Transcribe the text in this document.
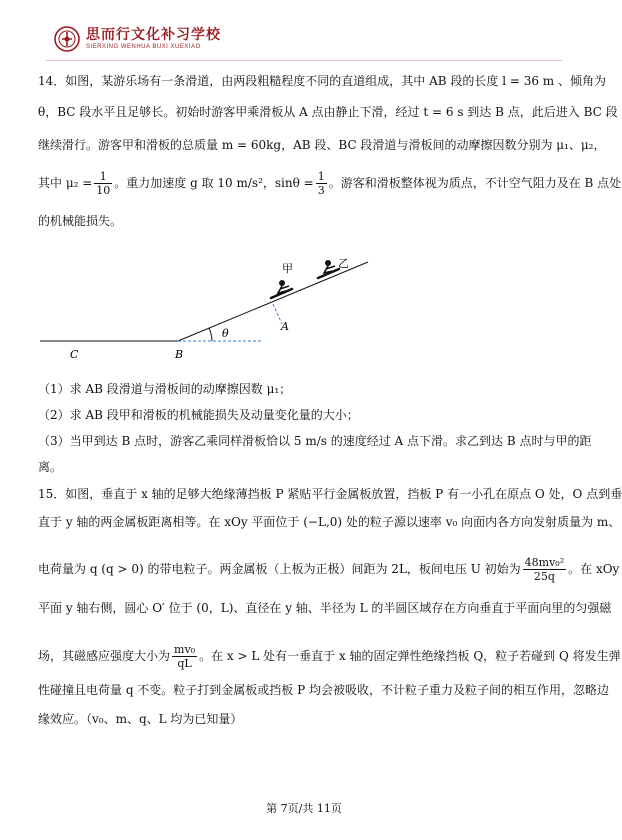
思而行文化补习学校
SIERXING WENHUA BUXI XUEXIAO
14．如图，某游乐场有一条滑道，由两段粗糙程度不同的直道组成，其中 AB 段的长度 l = 36 m 、倾角为
θ，BC 段水平且足够长。初始时游客甲乘滑板从 A 点由静止下滑，经过 t = 6 s 到达 B 点，此后进入 BC 段
继续滑行。游客甲和滑板的总质量 m = 60kg，AB 段、BC 段滑道与滑板间的动摩擦因数分别为 μ₁、μ₂，
其中 $\mu_2 = \frac{1}{10}$ 。重力加速度 g 取 10 m/s²，$\sin\theta = \frac{1}{3}$ 。游客和滑板整体视为质点，不计空气阻力及在 B 点处
的机械能损失。
甲	乙
A
B
C
θ
（1）求 AB 段滑道与滑板间的动摩擦因数 μ₁；
（2）求 AB 段甲和滑板的机械能损失及动量变化量的大小；
（3）当甲到达 B 点时，游客乙乘同样滑板恰以 5 m/s 的速度经过 A 点下滑。求乙到达 B 点时与甲的距
离。
15．如图，垂直于 x 轴的足够大绝缘薄挡板 P 紧贴平行金属板放置，挡板 P 有一小孔在原点 O 处，O 点到垂
直于 y 轴的两金属板距离相等。在 xOy 平面位于 (−L,0) 处的粒子源以速率 v₀ 向面内各方向发射质量为 m、
电荷量为 q (q > 0) 的带电粒子。两金属板（上板为正极）间距为 2L，板间电压 U 初始为 $\frac{\text{48mv₀²}}{25q}$ 。在 xOy
平面 y 轴右侧，圆心 O′ 位于 (0，L)、直径在 y 轴、半径为 L 的半圆区域存在方向垂直于平面向里的匀强磁
场，其磁感应强度大小为 $\frac{\text{mv₀}}{qL}$ 。在 x > L 处有一垂直于 x 轴的固定弹性绝缘挡板 Q，粒子若碰到 Q 将发生弹
性碰撞且电荷量 q 不变。粒子打到金属板或挡板 P 均会被吸收，不计粒子重力及粒子间的相互作用，忽略边
缘效应。（v₀、m、q、L 均为已知量）
第 7页/共 11页
